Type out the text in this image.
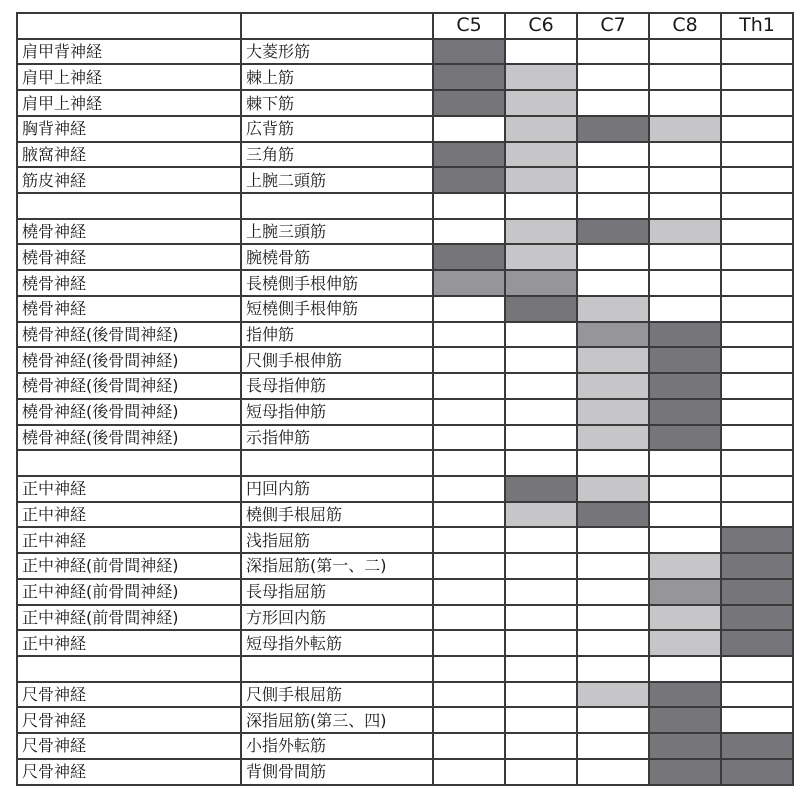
		C5	C6	C7	C8	Th1
肩甲背神経	大菱形筋					
肩甲上神経	棘上筋					
肩甲上神経	棘下筋					
胸背神経	広背筋					
腋窩神経	三角筋					
筋皮神経	上腕二頭筋					

橈骨神経	上腕三頭筋					
橈骨神経	腕橈骨筋					
橈骨神経	長橈側手根伸筋					
橈骨神経	短橈側手根伸筋					
橈骨神経(後骨間神経)	指伸筋					
橈骨神経(後骨間神経)	尺側手根伸筋					
橈骨神経(後骨間神経)	長母指伸筋					
橈骨神経(後骨間神経)	短母指伸筋					
橈骨神経(後骨間神経)	示指伸筋					

正中神経	円回内筋					
正中神経	橈側手根屈筋					
正中神経	浅指屈筋					
正中神経(前骨間神経)	深指屈筋(第一、二)					
正中神経(前骨間神経)	長母指屈筋					
正中神経(前骨間神経)	方形回内筋					
正中神経	短母指外転筋					

尺骨神経	尺側手根屈筋					
尺骨神経	深指屈筋(第三、四)					
尺骨神経	小指外転筋					
尺骨神経	背側骨間筋					
